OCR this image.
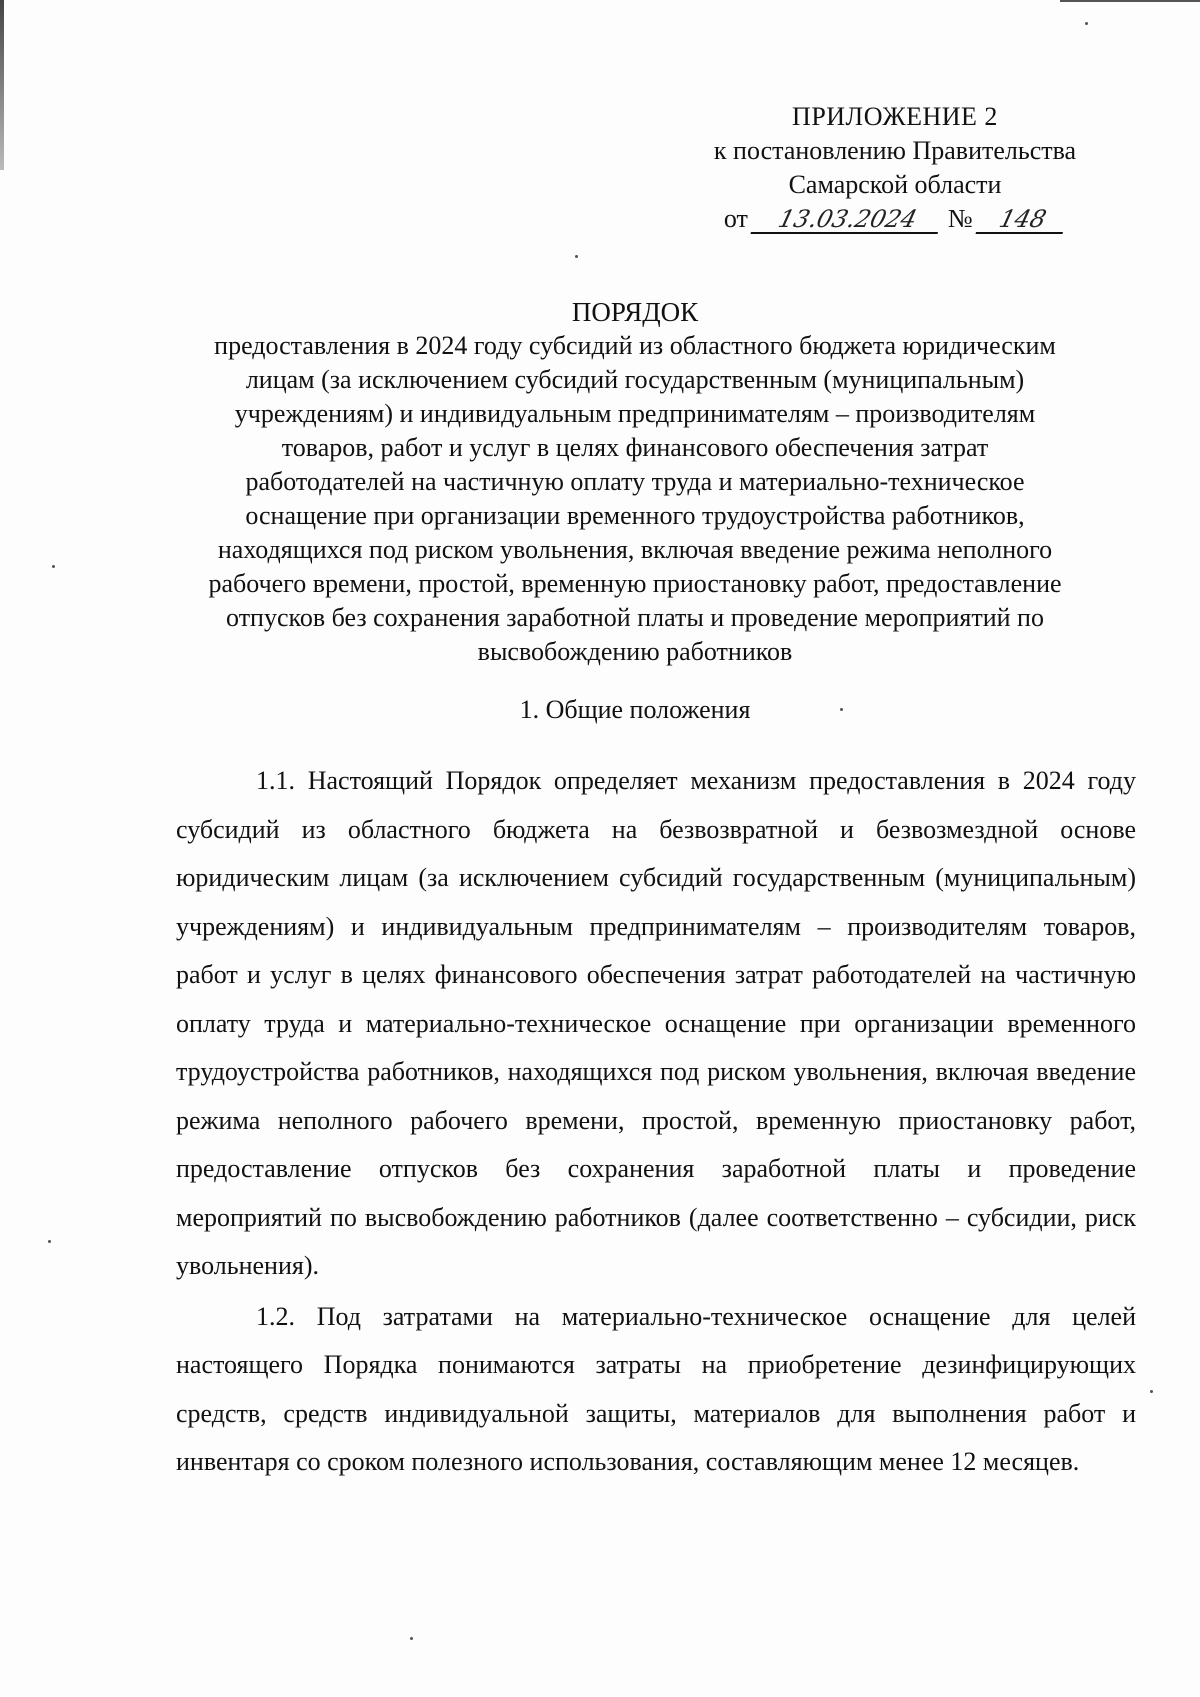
ПРИЛОЖЕНИЕ 2
к постановлению Правительства
Самарской области
от 13.03.2024 № 148
ПОРЯДОК
предоставления в 2024 году субсидий из областного бюджета юридическим
лицам (за исключением субсидий государственным (муниципальным)
учреждениям) и индивидуальным предпринимателям – производителям
товаров, работ и услуг в целях финансового обеспечения затрат
работодателей на частичную оплату труда и материально-техническое
оснащение при организации временного трудоустройства работников,
находящихся под риском увольнения, включая введение режима неполного
рабочего времени, простой, временную приостановку работ, предоставление
отпусков без сохранения заработной платы и проведение мероприятий по
высвобождению работников
1. Общие положения

1.1. Настоящий Порядок определяет механизм предоставления в 2024 году субсидий из областного бюджета на безвозвратной и безвозмездной основе юридическим лицам (за исключением субсидий государственным (муниципальным) учреждениям) и индивидуальным предпринимателям – производителям товаров, работ и услуг в целях финансового обеспечения затрат работодателей на частичную оплату труда и материально-техническое оснащение при организации временного трудоустройства работников, находящихся под риском увольнения, включая введение режима неполного рабочего времени, простой, временную приостановку работ, предоставление отпусков без сохранения заработной платы и проведение мероприятий по высвобождению работников (далее соответственно – субсидии, риск увольнения).

1.2. Под затратами на материально-техническое оснащение для целей настоящего Порядка понимаются затраты на приобретение дезинфицирующих средств, средств индивидуальной защиты, материалов для выполнения работ и инвентаря со сроком полезного использования, составляющим менее 12 месяцев.
